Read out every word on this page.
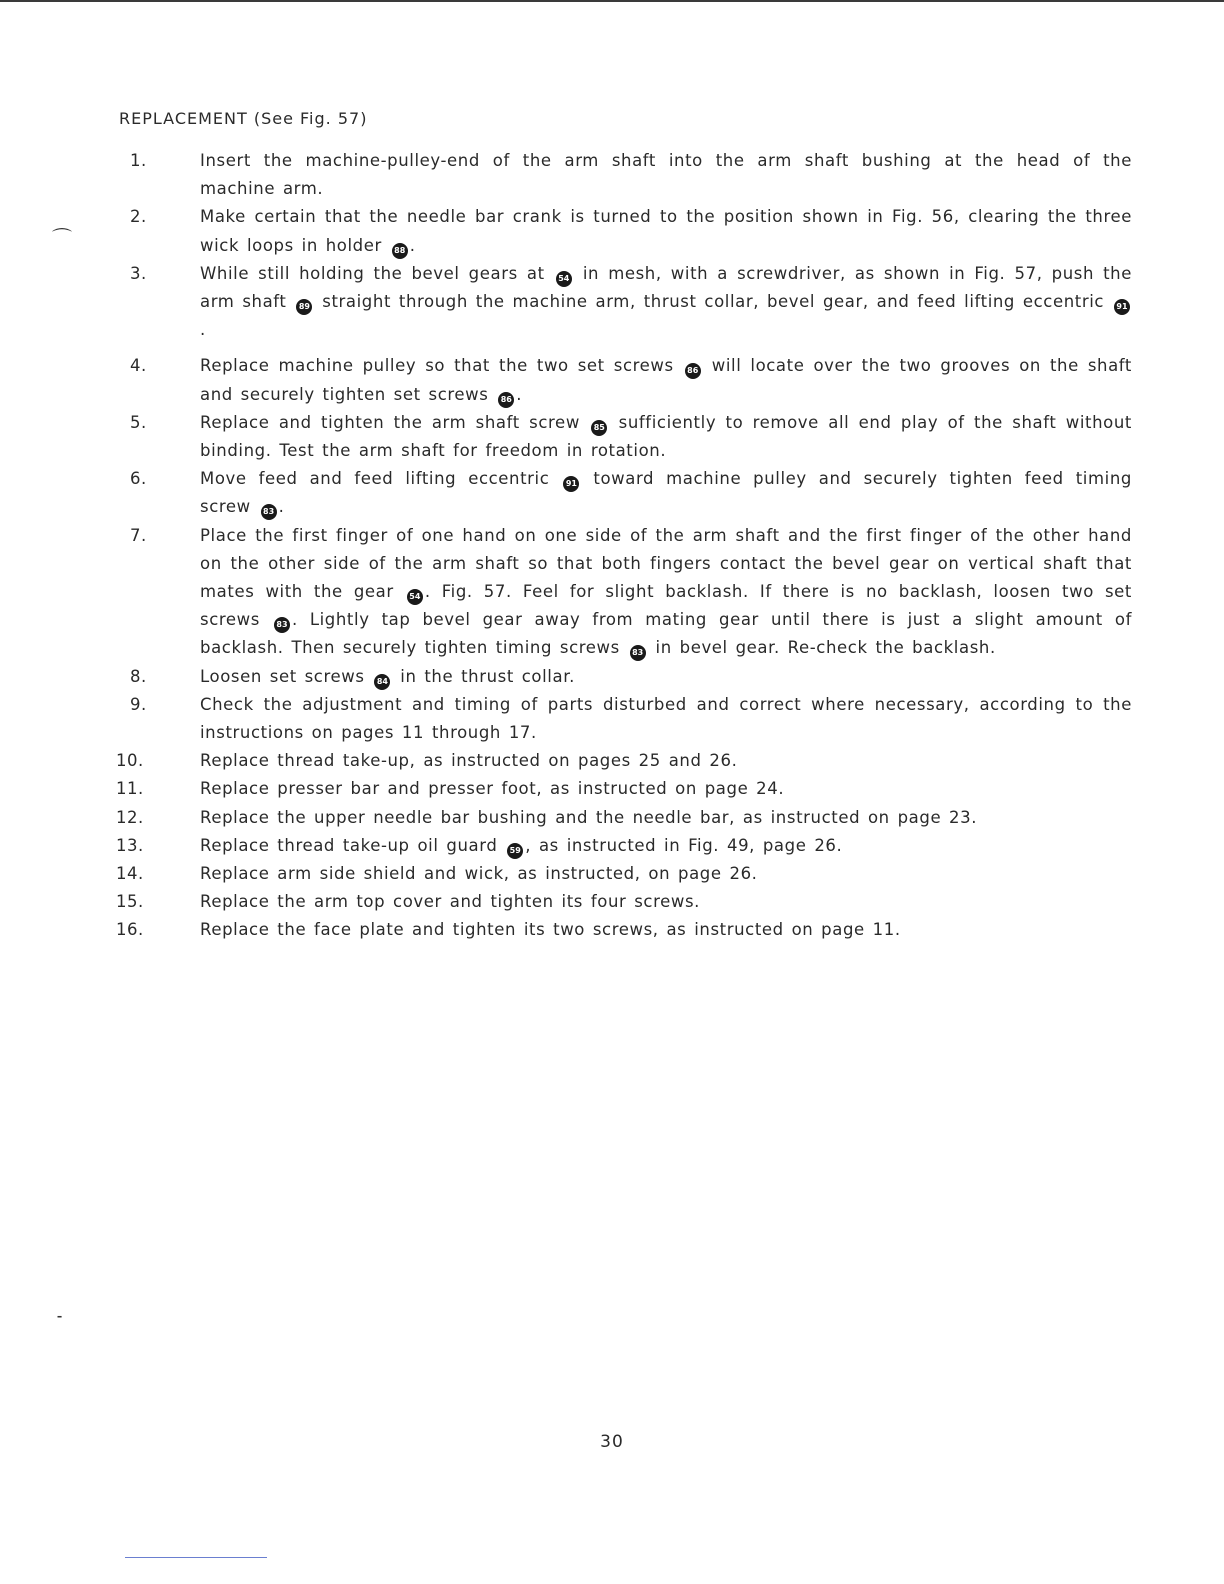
⌒
⁃
REPLACEMENT (See Fig. 57)
1.	Insert the machine-pulley-end of the arm shaft into the arm shaft bushing at the head of the machine arm.
2.	Make certain that the needle bar crank is turned to the position shown in Fig. 56, clearing the three wick loops in holder 88 .
3.	While still holding the bevel gears at 54 in mesh, with a screwdriver, as shown in Fig. 57, push the arm shaft 89 straight through the machine arm, thrust collar, bevel gear, and feed lifting eccentric 91.
4.	Replace machine pulley so that the two set screws 86 will locate over the two grooves on the shaft and securely tighten set screws 86 .
5.	Replace and tighten the arm shaft screw 85 sufficiently to remove all end play of the shaft without binding. Test the arm shaft for freedom in rotation.
6.	Move feed and feed lifting eccentric 91 toward machine pulley and securely tighten feed timing screw 83 .
7.	Place the first finger of one hand on one side of the arm shaft and the first finger of the other hand on the other side of the arm shaft so that both fingers contact the bevel gear on vertical shaft that mates with the gear 54 . Fig. 57. Feel for slight backlash. If there is no backlash, loosen two set screws 83 . Lightly tap bevel gear away from mating gear until there is just a slight amount of backlash. Then securely tighten timing screws 83 in bevel gear. Re-check the backlash.
8.	Loosen set screws 84 in the thrust collar.
9.	Check the adjustment and timing of parts disturbed and correct where necessary, according to the instructions on pages 11 through 17.
10.	Replace thread take-up, as instructed on pages 25 and 26.
11.	Replace presser bar and presser foot, as instructed on page 24.
12.	Replace the upper needle bar bushing and the needle bar, as instructed on page 23.
13.	Replace thread take-up oil guard 59 , as instructed in Fig. 49, page 26.
14.	Replace arm side shield and wick, as instructed, on page 26.
15.	Replace the arm top cover and tighten its four screws.
16.	Replace the face plate and tighten its two screws, as instructed on page 11.
30
